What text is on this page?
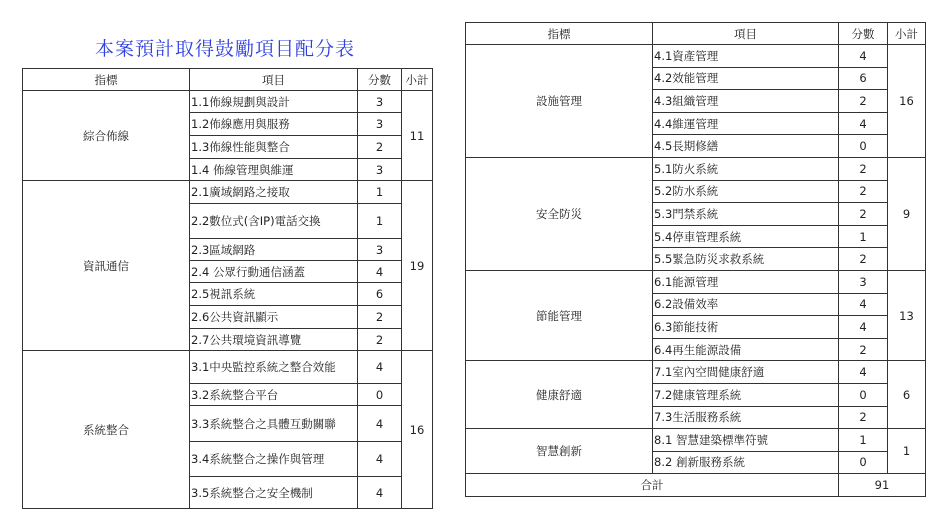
本案預計取得鼓勵項目配分表
指標	項目	分數	小計
綜合佈線	1.1佈線規劃與設計	3	11
	1.2佈線應用與服務	3	
	1.3佈線性能與整合	2	
	1.4 佈線管理與維運	3	
資訊通信	2.1廣域網路之接取	1	19
	2.2數位式(含IP)電話交換	1	
	2.3區域網路	3	
	2.4 公眾行動通信涵蓋	4	
	2.5視訊系統	6	
	2.6公共資訊顯示	2	
	2.7公共環境資訊導覽	2	
系統整合	3.1中央監控系統之整合效能	4	16
	3.2系統整合平台	0	
	3.3系統整合之具體互動關聯	4	
	3.4系統整合之操作與管理	4	
	3.5系統整合之安全機制	4	
指標	項目	分數	小計
設施管理	4.1資產管理	4	16
	4.2效能管理	6	
	4.3組織管理	2	
	4.4維運管理	4	
	4.5長期修繕	0	
安全防災	5.1防火系統	2	9
	5.2防水系統	2	
	5.3門禁系統	2	
	5.4停車管理系統	1	
	5.5緊急防災求救系統	2	
節能管理	6.1能源管理	3	13
	6.2設備效率	4	
	6.3節能技術	4	
	6.4再生能源設備	2	
健康舒適	7.1室內空間健康舒適	4	6
	7.2健康管理系統	0	
	7.3生活服務系統	2	
智慧創新	8.1 智慧建築標準符號	1	1
	8.2 創新服務系統	0	
合計		91	
